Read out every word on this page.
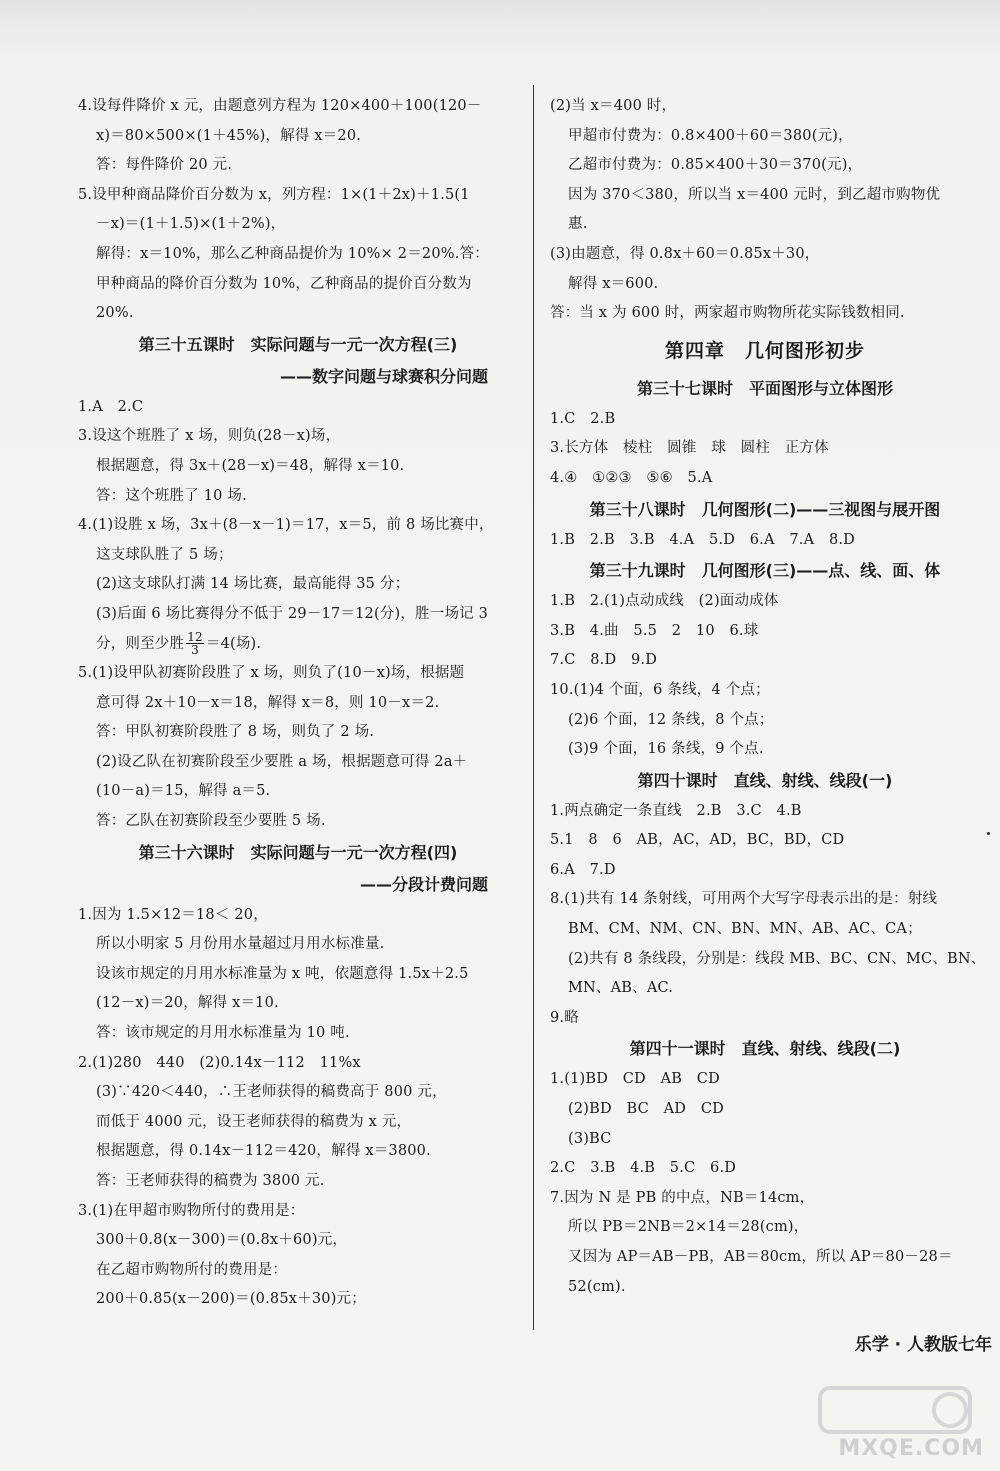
4.设每件降价 x 元，由题意列方程为 120×400＋100(120－
x)＝80×500×(1＋45%)，解得 x＝20.
答：每件降价 20 元.
5.设甲种商品降价百分数为 x，列方程：1×(1＋2x)＋1.5(1
－x)＝(1＋1.5)×(1＋2%)，
解得：x＝10%，那么乙种商品提价为 10%× 2＝20%.答：
甲种商品的降价百分数为 10%，乙种商品的提价百分数为
20%.
第三十五课时　实际问题与一元一次方程(三)
——数字问题与球赛积分问题
1.A　2.C
3.设这个班胜了 x 场，则负(28－x)场，
根据题意，得 3x＋(28－x)＝48，解得 x＝10.
答：这个班胜了 10 场.
4.(1)设胜 x 场，3x＋(8－x－1)＝17，x＝5，前 8 场比赛中，
这支球队胜了 5 场；
(2)这支球队打满 14 场比赛，最高能得 35 分；
(3)后面 6 场比赛得分不低于 29－17＝12(分)，胜一场记 3
分，则至少胜 $\frac{12}{3} =4$(场).
5.(1)设甲队初赛阶段胜了 x 场，则负了(10－x)场，根据题
意可得 2x＋10－x＝18，解得 x＝8，则 10－x＝2.
答：甲队初赛阶段胜了 8 场，则负了 2 场.
(2)设乙队在初赛阶段至少要胜 a 场，根据题意可得 2a＋
(10－a)＝15，解得 a＝5.
答：乙队在初赛阶段至少要胜 5 场.
第三十六课时　实际问题与一元一次方程(四)
——分段计费问题
1.因为 1.5×12＝18＜ 20，
所以小明家 5 月份用水量超过月用水标准量.
设该市规定的月用水标准量为 x 吨，依题意得 1.5x＋2.5
(12－x)＝20，解得 x＝10.
答：该市规定的月用水标准量为 10 吨.
2.(1)280　440　(2)0.14x－112　11%x
(3)∵420＜440，∴王老师获得的稿费高于 800 元，
而低于 4000 元，设王老师获得的稿费为 x 元，
根据题意，得 0.14x－112＝420，解得 x＝3800.
答：王老师获得的稿费为 3800 元.
3.(1)在甲超市购物所付的费用是：
300＋0.8(x－300)＝(0.8x＋60)元，
在乙超市购物所付的费用是：
200＋0.85(x－200)＝(0.85x＋30)元；
(2)当 x＝400 时，
甲超市付费为：0.8×400＋60＝380(元)，
乙超市付费为：0.85×400＋30＝370(元)，
因为 370＜380，所以当 x＝400 元时，到乙超市购物优
惠.
(3)由题意，得 0.8x＋60＝0.85x＋30，
解得 x＝600.
答：当 x 为 600 时，两家超市购物所花实际钱数相同.
第四章　几何图形初步
第三十七课时　平面图形与立体图形
1.C　2.B
3.长方体　棱柱　圆锥　球　圆柱　正方体
4.④　①②③　⑤⑥　5.A
第三十八课时　几何图形(二)——三视图与展开图
1.B　2.B　3.B　4.A　5.D　6.A　7.A　8.D
第三十九课时　几何图形(三)——点、线、面、体
1.B　2.(1)点动成线　(2)面动成体
3.B　4.曲　5.5　2　10　6.球
7.C　8.D　9.D
10.(1)4 个面，6 条线，4 个点；
(2)6 个面，12 条线，8 个点；
(3)9 个面，16 条线，9 个点.
第四十课时　直线、射线、线段(一)
1.两点确定一条直线　2.B　3.C　4.B
5.1　8　6　AB，AC，AD，BC，BD，CD
6.A　7.D
8.(1)共有 14 条射线，可用两个大写字母表示出的是：射线
BM、CM、NM、CN、BN、MN、AB、AC、CA；
(2)共有 8 条线段，分别是：线段 MB、BC、CN、MC、BN、
MN、AB、AC.
9.略
第四十一课时　直线、射线、线段(二)
1.(1)BD　CD　AB　CD
(2)BD　BC　AD　CD
(3)BC
2.C　3.B　4.B　5.C　6.D
7.因为 N 是 PB 的中点，NB＝14cm，
所以 PB＝2NB＝2×14＝28(cm)，
又因为 AP＝AB－PB，AB＝80cm，所以 AP＝80－28＝
52(cm).
乐学 · 人教版七年
MXQE.COM
